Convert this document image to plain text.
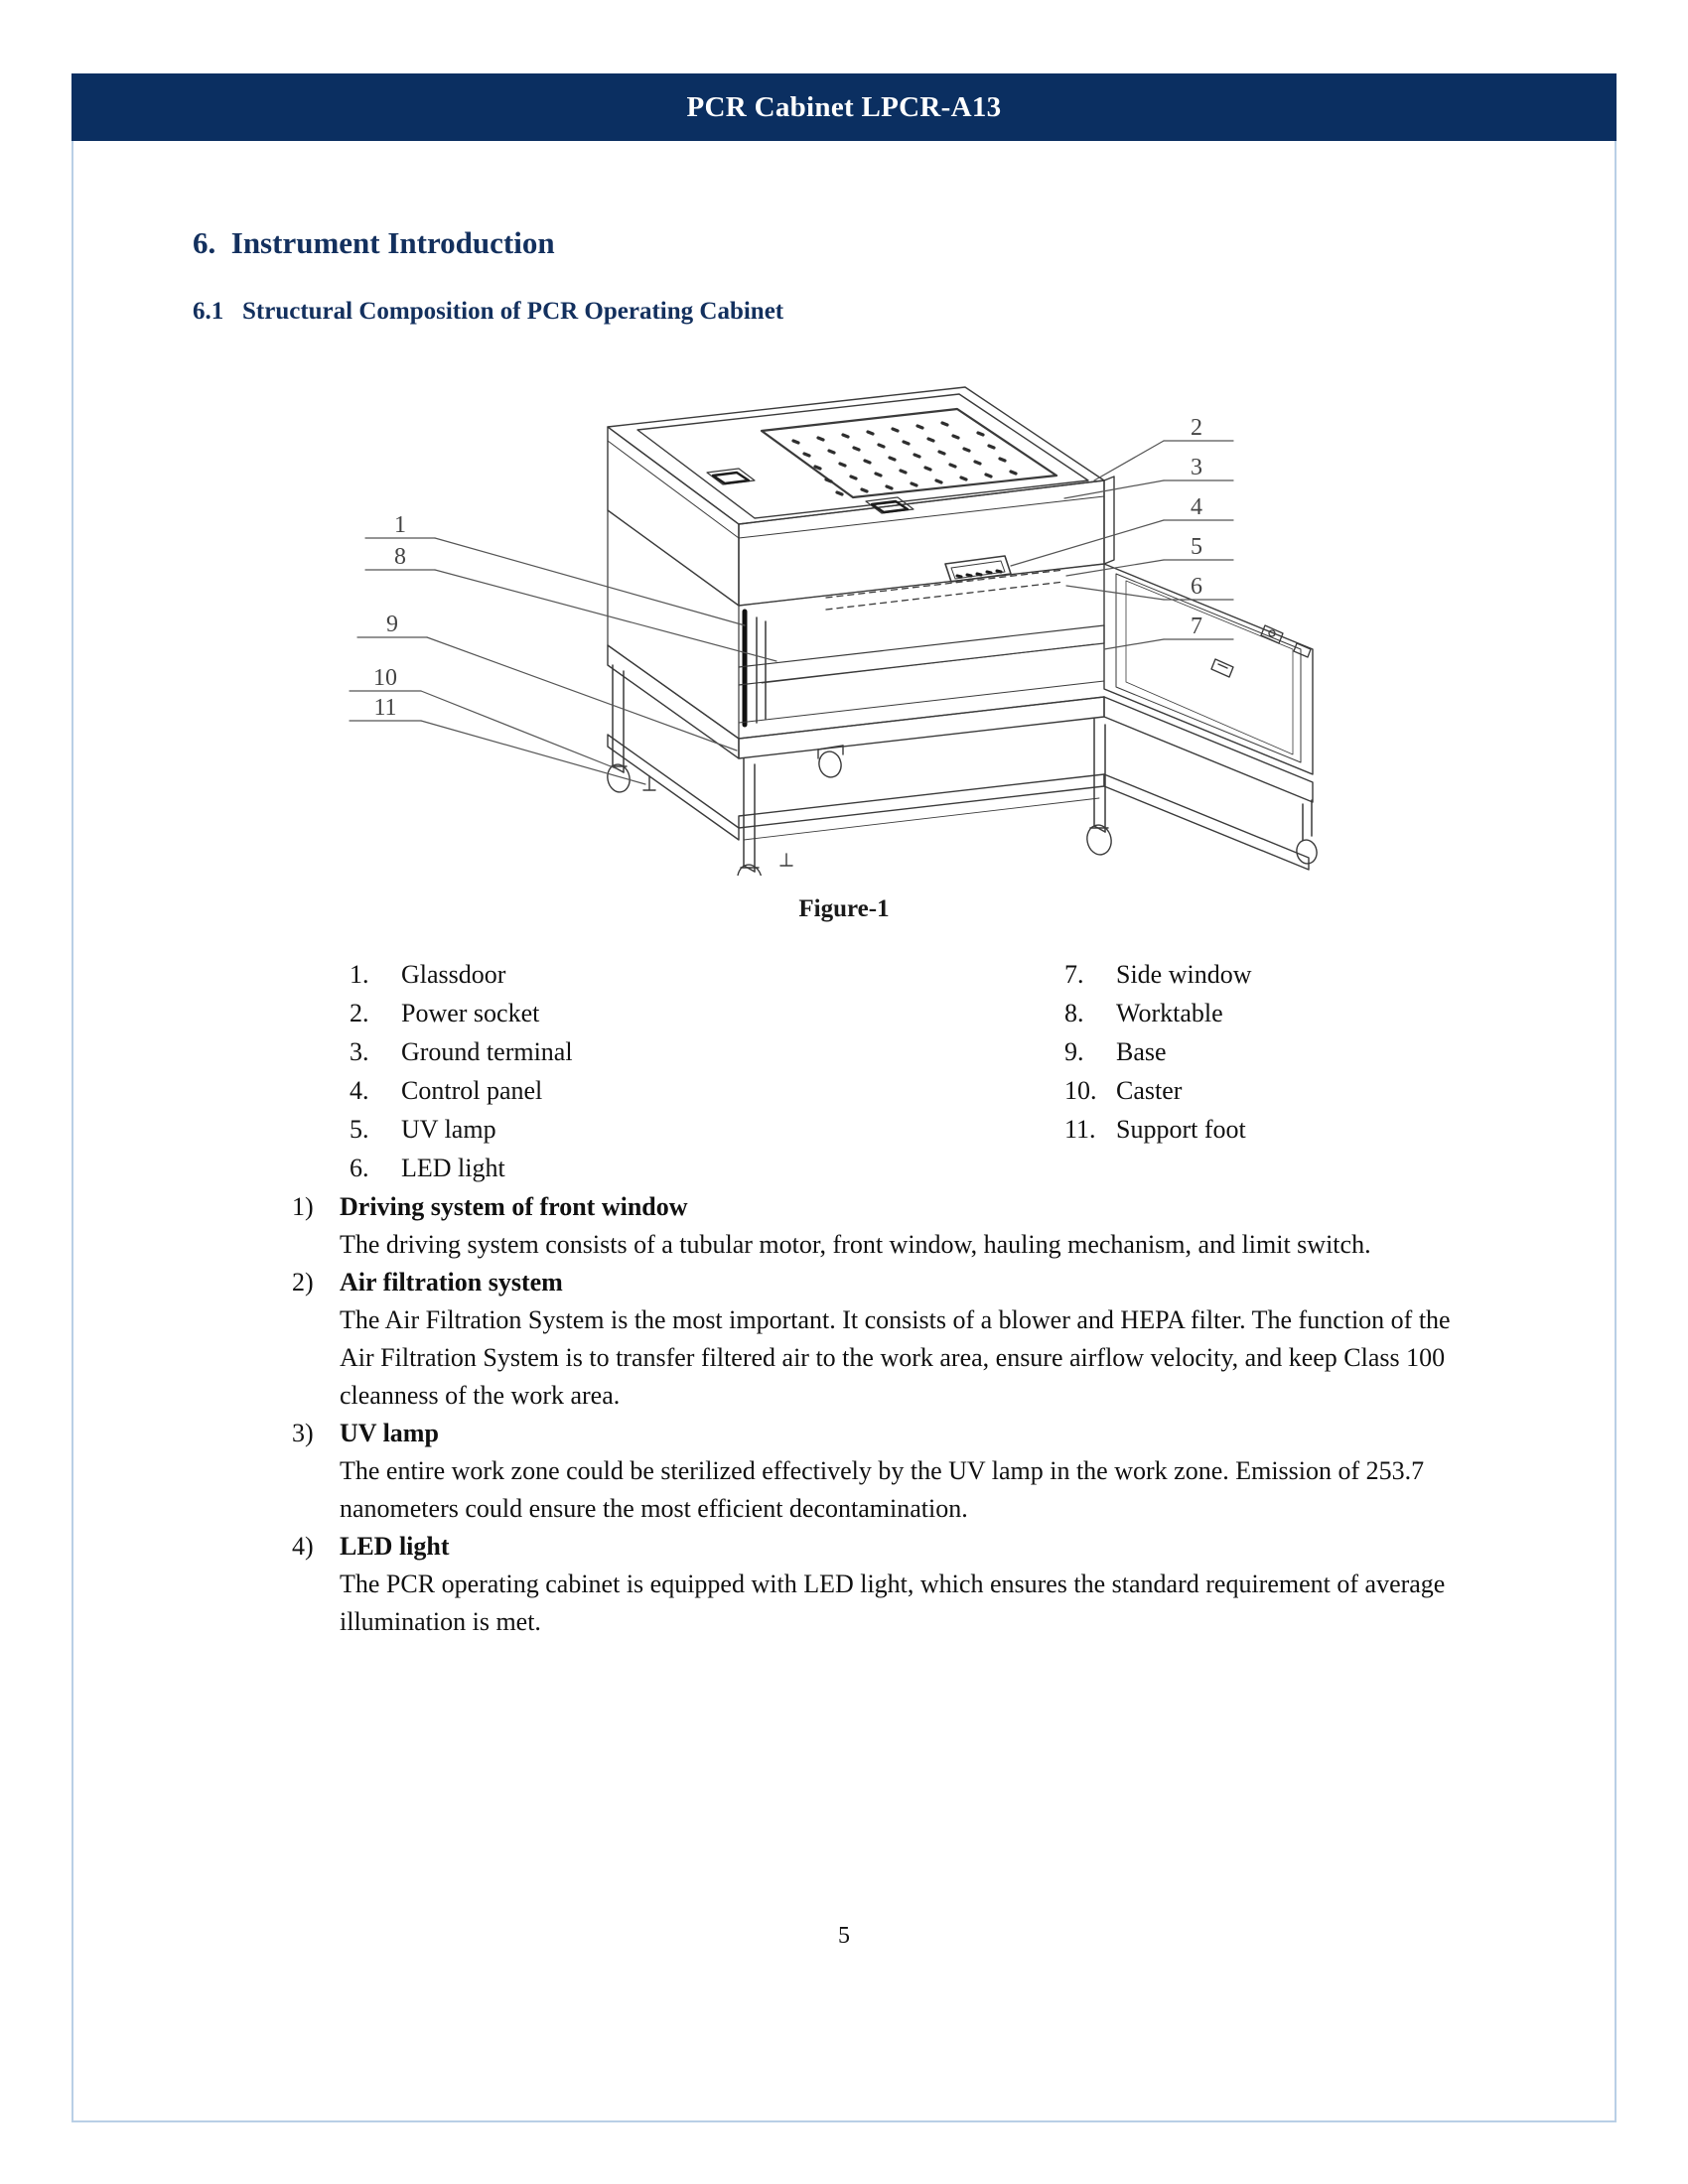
PCR Cabinet LPCR-A13
6.  Instrument Introduction
6.1   Structural Composition of PCR Operating Cabinet
1
8
9
10
11
2
3
4
5
6
7
Figure-1
1.	Glassdoor
2.	Power socket
3.	Ground terminal
4.	Control panel
5.	UV lamp
6.	LED light
7.	Side window
8.	Worktable
9.	Base
10. Caster
11. Support foot
1)	Driving system of front window
The driving system consists of a tubular motor, front window, hauling mechanism, and limit switch.
2)	Air filtration system
The Air Filtration System is the most important. It consists of a blower and HEPA filter. The function of the Air Filtration System is to transfer filtered air to the work area, ensure airflow velocity, and keep Class 100 cleanness of the work area.
3)	UV lamp
The entire work zone could be sterilized effectively by the UV lamp in the work zone. Emission of 253.7 nanometers could ensure the most efficient decontamination.
4)	LED light
The PCR operating cabinet is equipped with LED light, which ensures the standard requirement of average illumination is met.
5
